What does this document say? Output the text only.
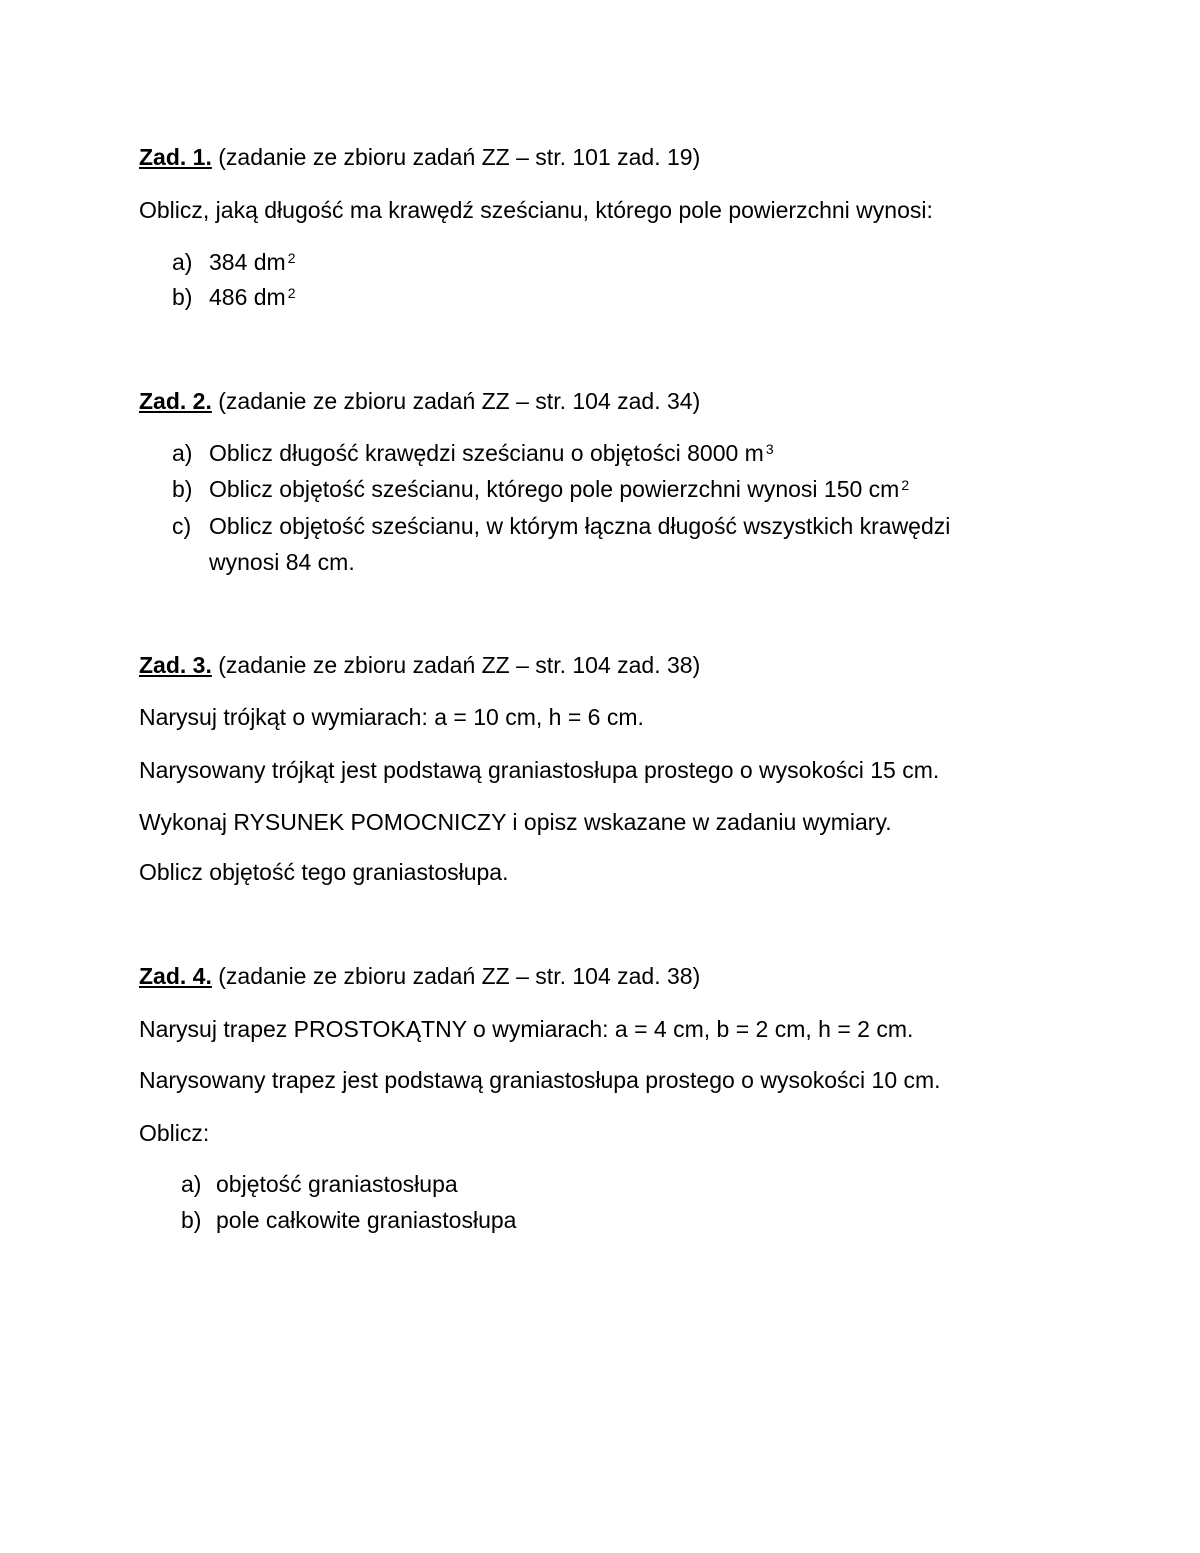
Zad. 1. (zadanie ze zbioru zadań ZZ – str. 101 zad. 19)
Oblicz, jaką długość ma krawędź sześcianu, którego pole powierzchni wynosi:
a) 384 dm $^2$
b) 486 dm $^2$
Zad. 2. (zadanie ze zbioru zadań ZZ – str. 104 zad. 34)
a) Oblicz długość krawędzi sześcianu o objętości 8000 m $^3$
b) Oblicz objętość sześcianu, którego pole powierzchni wynosi 150 cm $^2$
c) Oblicz objętość sześcianu, w którym łączna długość wszystkich krawędzi
wynosi 84 cm.
Zad. 3. (zadanie ze zbioru zadań ZZ – str. 104 zad. 38)
Narysuj trójkąt o wymiarach: a = 10 cm, h = 6 cm.
Narysowany trójkąt jest podstawą graniastosłupa prostego o wysokości 15 cm.
Wykonaj RYSUNEK POMOCNICZY i opisz wskazane w zadaniu wymiary.
Oblicz objętość tego graniastosłupa.
Zad. 4. (zadanie ze zbioru zadań ZZ – str. 104 zad. 38)
Narysuj trapez PROSTOKĄTNY o wymiarach: a = 4 cm, b = 2 cm, h = 2 cm.
Narysowany trapez jest podstawą graniastosłupa prostego o wysokości 10 cm.
Oblicz:
a) objętość graniastosłupa
b) pole całkowite graniastosłupa
